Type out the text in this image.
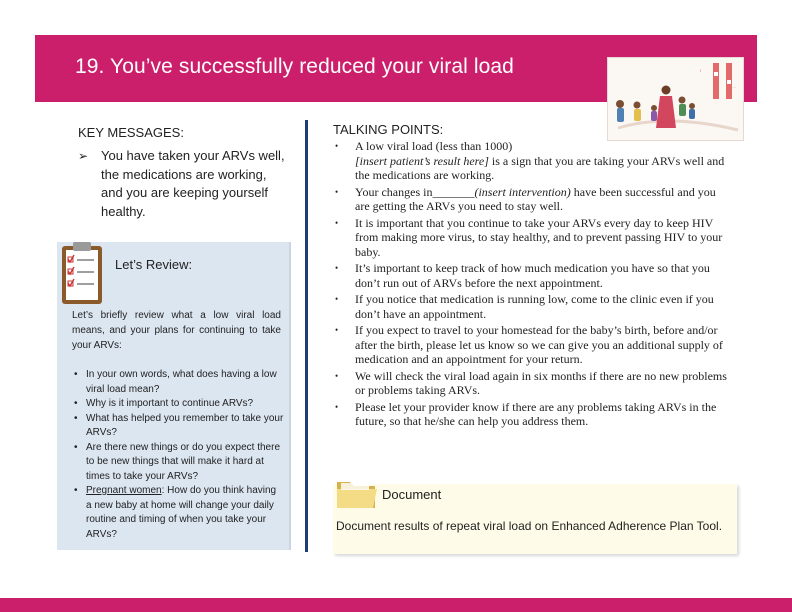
19. You’ve successfully reduced your viral load	!
.....
KEY MESSAGES:
➢ You have taken your ARVs well, the medications are working, and you are keeping yourself healthy.
Let’s Review:
Let’s briefly review what a low viral load means, and your plans for continuing to take your ARVs:
• In your own words, what does having a low viral load mean?
• Why is it important to continue ARVs?
• What has helped you remember to take your ARVs?
• Are there new things or do you expect there to be new things that will make it hard at times to take your ARVs?
• Pregnant women: How do you think having a new baby at home will change your daily routine and timing of when you take your ARVs?
TALKING POINTS:
• A low viral load (less than 1000)
[insert patient’s result here] is a sign that you are taking your ARVs well and the medications are working.
• Your changes in_______(insert intervention) have been successful and you are getting the ARVs you need to stay well.
• It is important that you continue to take your ARVs every day to keep HIV from making more virus, to stay healthy, and to prevent passing HIV to your baby.
• It’s important to keep track of how much medication you have so that you don’t run out of ARVs before the next appointment.
• If you notice that medication is running low, come to the clinic even if you don’t have an appointment.
• If you expect to travel to your homestead for the baby’s birth, before and/or after the birth, please let us know so we can give you an additional supply of medication and an appointment for your return.
• We will check the viral load again in six months if there are no new problems or problems taking ARVs.
• Please let your provider know if there are any problems taking ARVs in the future, so that he/she can help you address them.
Document
Document results of repeat viral load on Enhanced Adherence Plan Tool.
